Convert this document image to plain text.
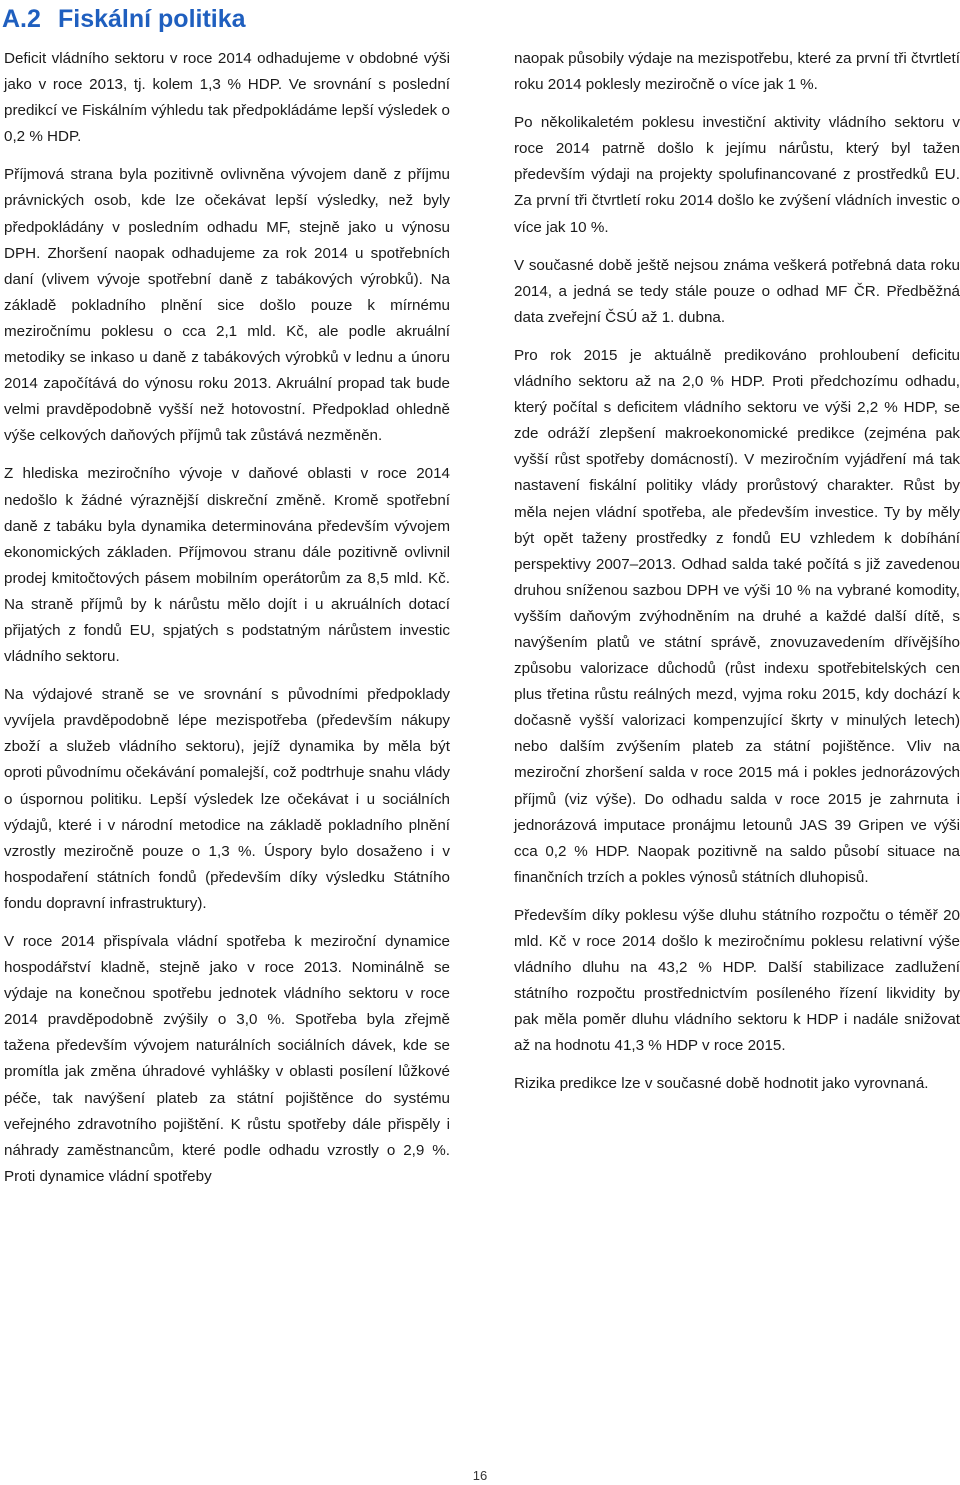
A.2 Fiskální politika

Deficit vládního sektoru v roce 2014 odhadujeme v obdobné výši jako v roce 2013, tj. kolem 1,3 % HDP. Ve srovnání s poslední predikcí ve Fiskálním výhledu tak předpokládáme lepší výsledek o 0,2 % HDP.

Příjmová strana byla pozitivně ovlivněna vývojem daně z příjmu právnických osob, kde lze očekávat lepší výsledky, než byly předpokládány v posledním odhadu MF, stejně jako u výnosu DPH. Zhoršení naopak odhadujeme za rok 2014 u spotřebních daní (vlivem vývoje spotřební daně z tabákových výrobků). Na základě pokladního plnění sice došlo pouze k mírnému meziročnímu poklesu o cca 2,1 mld. Kč, ale podle akruální metodiky se inkaso u daně z tabákových výrobků v lednu a únoru 2014 započítává do výnosu roku 2013. Akruální propad tak bude velmi pravděpodobně vyšší než hotovostní. Předpoklad ohledně výše celkových daňových příjmů tak zůstává nezměněn.

Z hlediska meziročního vývoje v daňové oblasti v roce 2014 nedošlo k žádné výraznější diskreční změně. Kromě spotřební daně z tabáku byla dynamika determinována především vývojem ekonomických základen. Příjmovou stranu dále pozitivně ovlivnil prodej kmitočtových pásem mobilním operátorům za 8,5 mld. Kč. Na straně příjmů by k nárůstu mělo dojít i u akruálních dotací přijatých z fondů EU, spjatých s podstatným nárůstem investic vládního sektoru.

Na výdajové straně se ve srovnání s původními předpoklady vyvíjela pravděpodobně lépe mezispotřeba (především nákupy zboží a služeb vládního sektoru), jejíž dynamika by měla být oproti původnímu očekávání pomalejší, což podtrhuje snahu vlády o úspornou politiku. Lepší výsledek lze očekávat i u sociálních výdajů, které i v národní metodice na základě pokladního plnění vzrostly meziročně pouze o 1,3 %. Úspory bylo dosaženo i v hospodaření státních fondů (především díky výsledku Státního fondu dopravní infrastruktury).

V roce 2014 přispívala vládní spotřeba k meziroční dynamice hospodářství kladně, stejně jako v roce 2013. Nominálně se výdaje na konečnou spotřebu jednotek vládního sektoru v roce 2014 pravděpodobně zvýšily o 3,0 %. Spotřeba byla zřejmě tažena především vývojem naturálních sociálních dávek, kde se promítla jak změna úhradové vyhlášky v oblasti posílení lůžkové péče, tak navýšení plateb za státní pojištěnce do systému veřejného zdravotního pojištění. K růstu spotřeby dále přispěly i náhrady zaměstnancům, které podle odhadu vzrostly o 2,9 %. Proti dynamice vládní spotřeby

naopak působily výdaje na mezispotřebu, které za první tři čtvrtletí roku 2014 poklesly meziročně o více jak 1 %.

Po několikaletém poklesu investiční aktivity vládního sektoru v roce 2014 patrně došlo k jejímu nárůstu, který byl tažen především výdaji na projekty spolufinancované z prostředků EU. Za první tři čtvrtletí roku 2014 došlo ke zvýšení vládních investic o více jak 10 %.

V současné době ještě nejsou známa veškerá potřebná data roku 2014, a jedná se tedy stále pouze o odhad MF ČR. Předběžná data zveřejní ČSÚ až 1. dubna.

Pro rok 2015 je aktuálně predikováno prohloubení deficitu vládního sektoru až na 2,0 % HDP. Proti předchozímu odhadu, který počítal s deficitem vládního sektoru ve výši 2,2 % HDP, se zde odráží zlepšení makroekonomické predikce (zejména pak vyšší růst spotřeby domácností). V meziročním vyjádření má tak nastavení fiskální politiky vlády prorůstový charakter. Růst by měla nejen vládní spotřeba, ale především investice. Ty by měly být opět taženy prostředky z fondů EU vzhledem k dobíhání perspektivy 2007–2013. Odhad salda také počítá s již zavedenou druhou sníženou sazbou DPH ve výši 10 % na vybrané komodity, vyšším daňovým zvýhodněním na druhé a každé další dítě, s navýšením platů ve státní správě, znovuzavedením dřívějšího způsobu valorizace důchodů (růst indexu spotřebitelských cen plus třetina růstu reálných mezd, vyjma roku 2015, kdy dochází k dočasně vyšší valorizaci kompenzující škrty v minulých letech) nebo dalším zvýšením plateb za státní pojištěnce. Vliv na meziroční zhoršení salda v roce 2015 má i pokles jednorázových příjmů (viz výše). Do odhadu salda v roce 2015 je zahrnuta i jednorázová imputace pronájmu letounů JAS 39 Gripen ve výši cca 0,2 % HDP. Naopak pozitivně na saldo působí situace na finančních trzích a pokles výnosů státních dluhopisů.

Především díky poklesu výše dluhu státního rozpočtu o téměř 20 mld. Kč v roce 2014 došlo k meziročnímu poklesu relativní výše vládního dluhu na 43,2 % HDP. Další stabilizace zadlužení státního rozpočtu prostřednictvím posíleného řízení likvidity by pak měla poměr dluhu vládního sektoru k HDP i nadále snižovat až na hodnotu 41,3 % HDP v roce 2015.

Rizika predikce lze v současné době hodnotit jako vyrovnaná.

16
